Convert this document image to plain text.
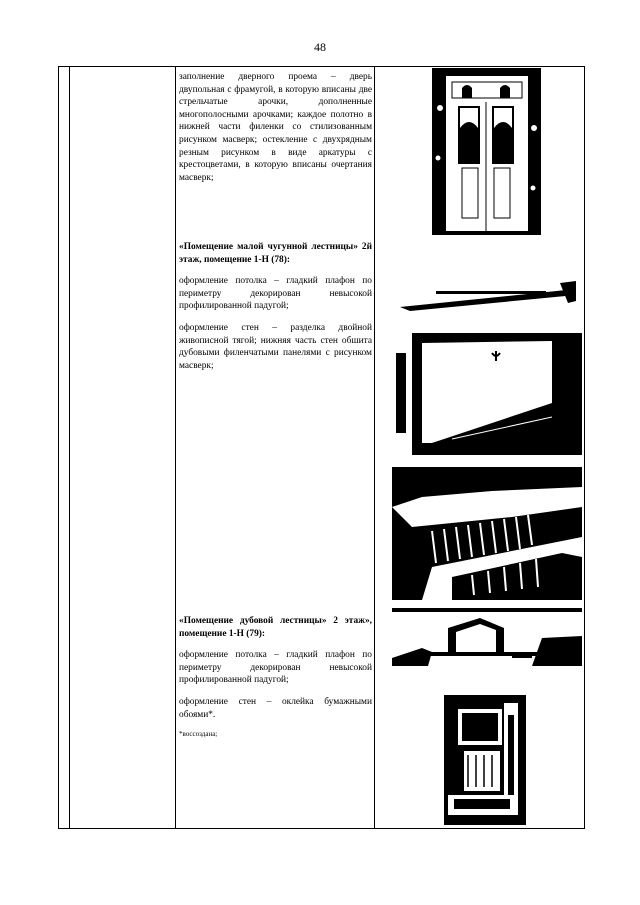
48

заполнение дверного проема – дверь двупольная с фрамугой, в которую вписаны две стрельчатые арочки, дополненные многополосными арочками; каждое полотно в нижней части филенки со стилизованным рисунком масверк; остекление с двухрядным резным рисунком в виде аркатуры с крестоцветами, в которую вписаны очертания масверк;

«Помещение малой чугунной лестницы» 2й этаж, помещение 1-Н (78):

оформление потолка – гладкий плафон по периметру декорирован невысокой профилированной падугой;

оформление стен – разделка двойной живописной тягой; нижняя часть стен обшита дубовыми филенчатыми панелями с рисунком масверк;

«Помещение дубовой лестницы» 2 этаж», помещение 1-Н (79):

оформление потолка – гладкий плафон по периметру декорирован невысокой профилированной падугой;

оформление стен – оклейка бумажными обоями*.

*воссоздана;
